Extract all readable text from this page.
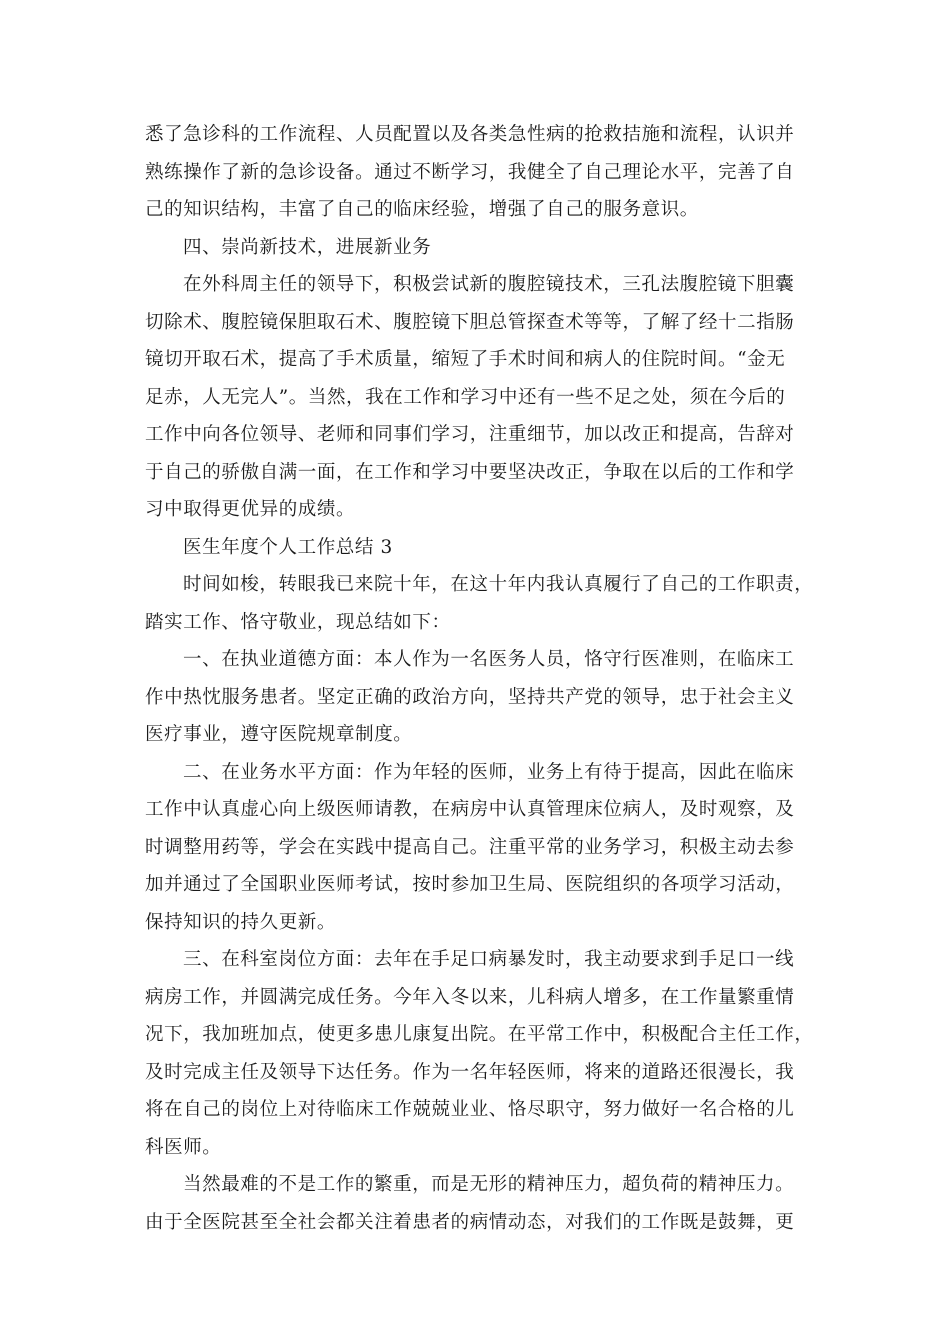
悉了急诊科的工作流程、人员配置以及各类急性病的抢救拮施和流程，认识并
熟练操作了新的急诊设备。通过不断学习，我健全了自己理论水平，完善了自
己的知识结构，丰富了自己的临床经验，增强了自己的服务意识。
四、崇尚新技术，进展新业务
在外科周主任的领导下，积极尝试新的腹腔镜技术，三孔法腹腔镜下胆囊
切除术、腹腔镜保胆取石术、腹腔镜下胆总管探查术等等，了解了经十二指肠
镜切开取石术，提高了手术质量，缩短了手术时间和病人的住院时间。“金无
足赤，人无完人”。当然，我在工作和学习中还有一些不足之处，须在今后的
工作中向各位领导、老师和同事们学习，注重细节，加以改正和提高，告辞对
于自己的骄傲自满一面，在工作和学习中要坚决改正，争取在以后的工作和学
习中取得更优异的成绩。
医生年度个人工作总结 3
时间如梭，转眼我已来院十年，在这十年内我认真履行了自己的工作职责，
踏实工作、恪守敬业，现总结如下：
一、在执业道德方面：本人作为一名医务人员，恪守行医准则，在临床工
作中热忱服务患者。坚定正确的政治方向，坚持共产党的领导，忠于社会主义
医疗事业，遵守医院规章制度。
二、在业务水平方面：作为年轻的医师，业务上有待于提高，因此在临床
工作中认真虚心向上级医师请教，在病房中认真管理床位病人，及时观察，及
时调整用药等，学会在实践中提高自己。注重平常的业务学习，积极主动去参
加并通过了全国职业医师考试，按时参加卫生局、医院组织的各项学习活动，
保持知识的持久更新。
三、在科室岗位方面：去年在手足口病暴发时，我主动要求到手足口一线
病房工作，并圆满完成任务。今年入冬以来，儿科病人增多，在工作量繁重情
况下，我加班加点，使更多患儿康复出院。在平常工作中，积极配合主任工作，
及时完成主任及领导下达任务。作为一名年轻医师，将来的道路还很漫长，我
将在自己的岗位上对待临床工作兢兢业业、恪尽职守，努力做好一名合格的儿
科医师。
当然最难的不是工作的繁重，而是无形的精神压力，超负荷的精神压力。
由于全医院甚至全社会都关注着患者的病情动态，对我们的工作既是鼓舞，更
